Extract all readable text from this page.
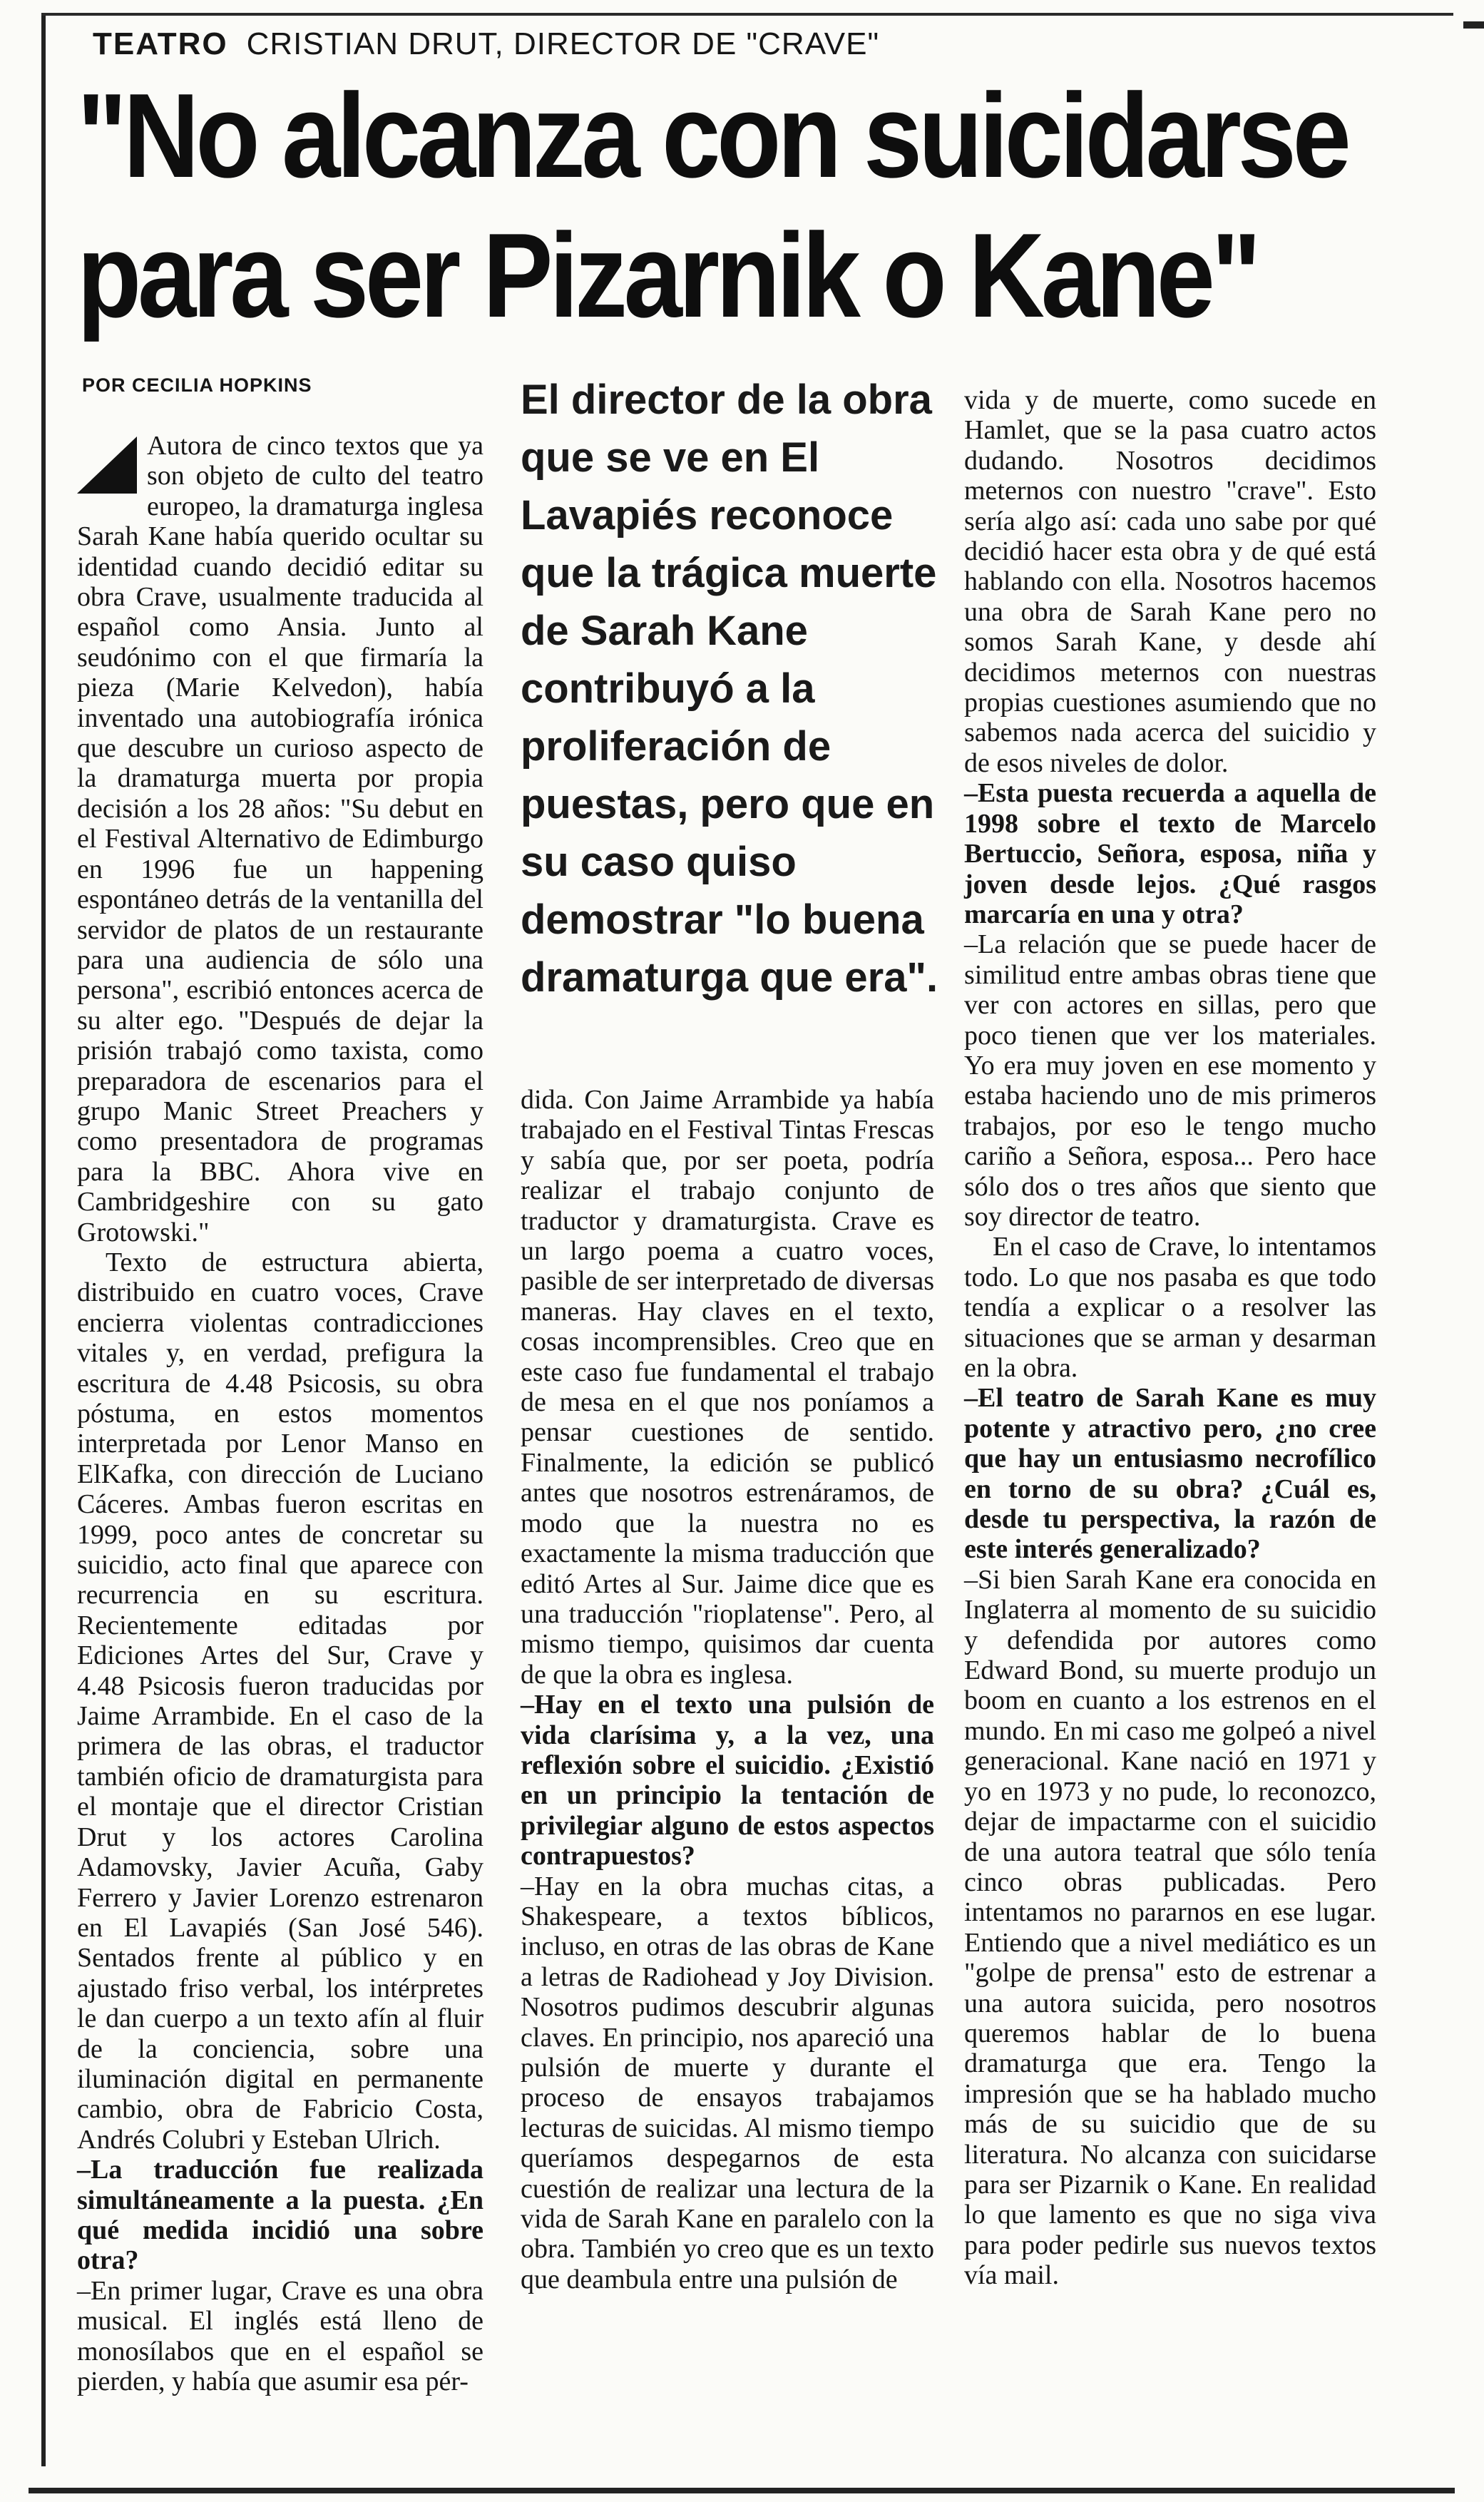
TEATRO CRISTIAN DRUT, DIRECTOR DE "CRAVE"
"No alcanza con suicidarse
para ser Pizarnik o Kane"
POR CECILIA HOPKINS

Autora de cinco textos que ya son objeto de culto del teatro europeo, la dramaturga inglesa Sarah Kane había querido ocultar su identidad cuando decidió editar su obra Crave, usualmente traducida al español como Ansia. Junto al seudónimo con el que firmaría la pieza (Marie Kelvedon), había inventado una autobiografía irónica que descubre un curioso aspecto de la dramaturga muerta por propia decisión a los 28 años: "Su debut en el Festival Alternativo de Edimburgo en 1996 fue un happening espontáneo detrás de la ventanilla del servidor de platos de un restaurante para una audiencia de sólo una persona", escribió entonces acerca de su alter ego. "Después de dejar la prisión trabajó como taxista, como preparadora de escenarios para el grupo Manic Street Preachers y como presentadora de programas para la BBC. Ahora vive en Cambridgeshire con su gato Grotowski."

Texto de estructura abierta, distribuido en cuatro voces, Crave encierra violentas contradicciones vitales y, en verdad, prefigura la escritura de 4.48 Psicosis, su obra póstuma, en estos momentos interpretada por Lenor Manso en ElKafka, con dirección de Luciano Cáceres. Ambas fueron escritas en 1999, poco antes de concretar su suicidio, acto final que aparece con recurrencia en su escritura. Recientemente editadas por Ediciones Artes del Sur, Crave y 4.48 Psicosis fueron traducidas por Jaime Arrambide. En el caso de la primera de las obras, el traductor también oficio de dramaturgista para el montaje que el director Cristian Drut y los actores Carolina Adamovsky, Javier Acuña, Gaby Ferrero y Javier Lorenzo estrenaron en El Lavapiés (San José 546). Sentados frente al público y en ajustado friso verbal, los intérpretes le dan cuerpo a un texto afín al fluir de la conciencia, sobre una iluminación digital en permanente cambio, obra de Fabricio Costa, Andrés Colubri y Esteban Ulrich.

–La traducción fue realizada simultáneamente a la puesta. ¿En qué medida incidió una sobre otra?

–En primer lugar, Crave es una obra musical. El inglés está lleno de monosílabos que en el español se pierden, y había que asumir esa pér-

El director de la obra que se ve en El Lavapiés reconoce que la trágica muerte de Sarah Kane contribuyó a la proliferación de puestas, pero que en su caso quiso demostrar "lo buena dramaturga que era".

dida. Con Jaime Arrambide ya había trabajado en el Festival Tintas Frescas y sabía que, por ser poeta, podría realizar el trabajo conjunto de traductor y dramaturgista. Crave es un largo poema a cuatro voces, pasible de ser interpretado de diversas maneras. Hay claves en el texto, cosas incomprensibles. Creo que en este caso fue fundamental el trabajo de mesa en el que nos poníamos a pensar cuestiones de sentido. Finalmente, la edición se publicó antes que nosotros estrenáramos, de modo que la nuestra no es exactamente la misma traducción que editó Artes al Sur. Jaime dice que es una traducción "rioplatense". Pero, al mismo tiempo, quisimos dar cuenta de que la obra es inglesa.

–Hay en el texto una pulsión de vida clarísima y, a la vez, una reflexión sobre el suicidio. ¿Existió en un principio la tentación de privilegiar alguno de estos aspectos contrapuestos?

–Hay en la obra muchas citas, a Shakespeare, a textos bíblicos, incluso, en otras de las obras de Kane a letras de Radiohead y Joy Division. Nosotros pudimos descubrir algunas claves. En principio, nos apareció una pulsión de muerte y durante el proceso de ensayos trabajamos lecturas de suicidas. Al mismo tiempo queríamos despegarnos de esta cuestión de realizar una lectura de la vida de Sarah Kane en paralelo con la obra. También yo creo que es un texto que deambula entre una pulsión de

vida y de muerte, como sucede en Hamlet, que se la pasa cuatro actos dudando. Nosotros decidimos meternos con nuestro "crave". Esto sería algo así: cada uno sabe por qué decidió hacer esta obra y de qué está hablando con ella. Nosotros hacemos una obra de Sarah Kane pero no somos Sarah Kane, y desde ahí decidimos meternos con nuestras propias cuestiones asumiendo que no sabemos nada acerca del suicidio y de esos niveles de dolor.

–Esta puesta recuerda a aquella de 1998 sobre el texto de Marcelo Bertuccio, Señora, esposa, niña y joven desde lejos. ¿Qué rasgos marcaría en una y otra?

–La relación que se puede hacer de similitud entre ambas obras tiene que ver con actores en sillas, pero que poco tienen que ver los materiales. Yo era muy joven en ese momento y estaba haciendo uno de mis primeros trabajos, por eso le tengo mucho cariño a Señora, esposa... Pero hace sólo dos o tres años que siento que soy director de teatro.

En el caso de Crave, lo intentamos todo. Lo que nos pasaba es que todo tendía a explicar o a resolver las situaciones que se arman y desarman en la obra.

–El teatro de Sarah Kane es muy potente y atractivo pero, ¿no cree que hay un entusiasmo necrofílico en torno de su obra? ¿Cuál es, desde tu perspectiva, la razón de este interés generalizado?

–Si bien Sarah Kane era conocida en Inglaterra al momento de su suicidio y defendida por autores como Edward Bond, su muerte produjo un boom en cuanto a los estrenos en el mundo. En mi caso me golpeó a nivel generacional. Kane nació en 1971 y yo en 1973 y no pude, lo reconozco, dejar de impactarme con el suicidio de una autora teatral que sólo tenía cinco obras publicadas. Pero intentamos no pararnos en ese lugar. Entiendo que a nivel mediático es un "golpe de prensa" esto de estrenar a una autora suicida, pero nosotros queremos hablar de lo buena dramaturga que era. Tengo la impresión que se ha hablado mucho más de su suicidio que de su literatura. No alcanza con suicidarse para ser Pizarnik o Kane. En realidad lo que lamento es que no siga viva para poder pedirle sus nuevos textos vía mail.
